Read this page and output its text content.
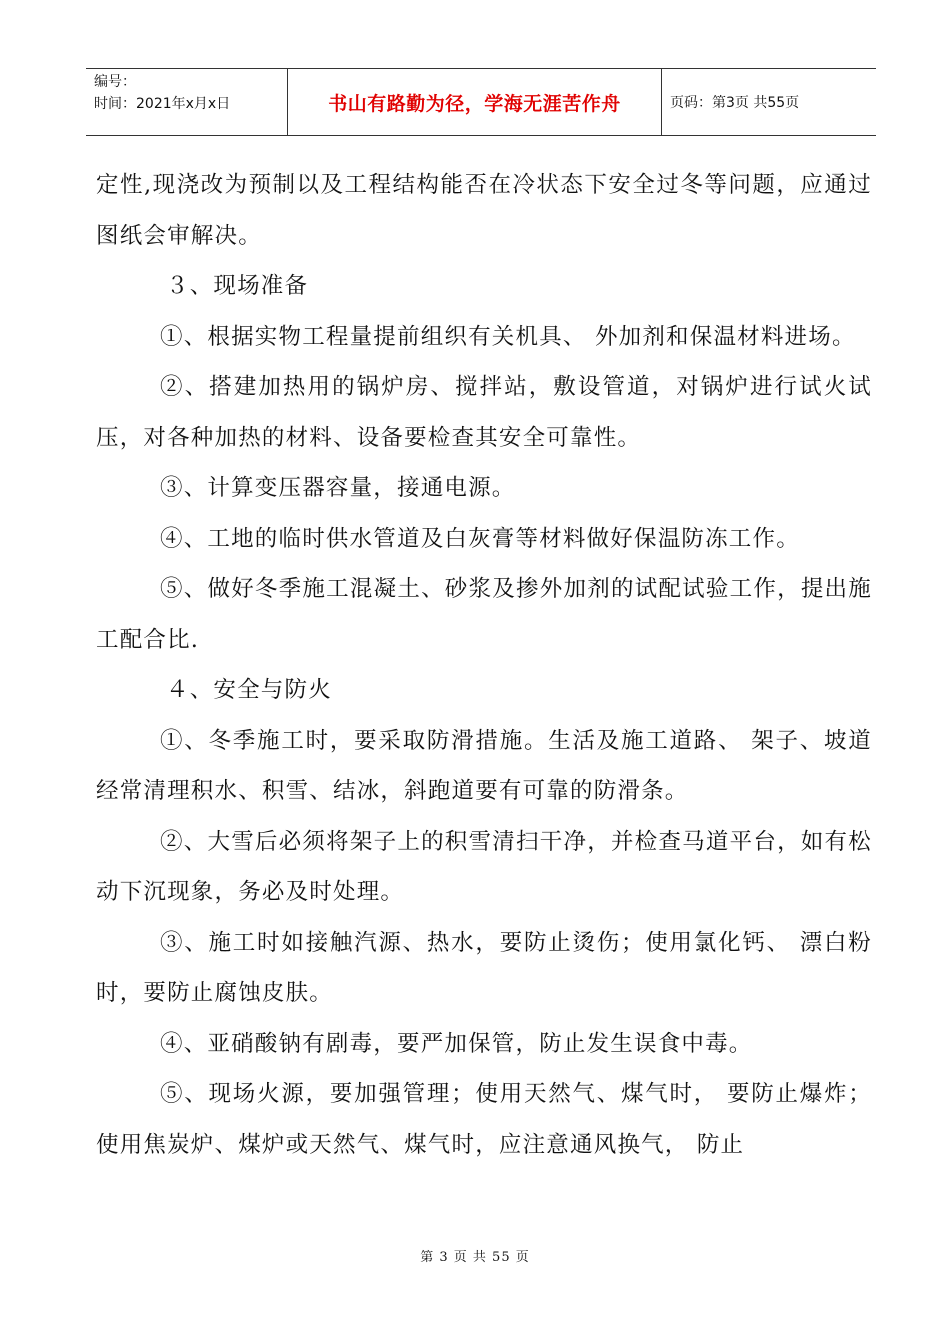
编号：
时间：2021年x月x日	书山有路勤为径，学海无涯苦作舟	页码：第3页 共55页

定性,现浇改为预制以及工程结构能否在冷状态下安全过冬等问题，应通过图纸会审解决。

３、现场准备

①、根据实物工程量提前组织有关机具、 外加剂和保温材料进场。

②、搭建加热用的锅炉房、搅拌站，敷设管道，对锅炉进行试火试压，对各种加热的材料、设备要检查其安全可靠性。

③、计算变压器容量，接通电源。

④、工地的临时供水管道及白灰膏等材料做好保温防冻工作。

⑤、做好冬季施工混凝土、砂浆及掺外加剂的试配试验工作，提出施工配合比.

４、安全与防火

①、冬季施工时，要采取防滑措施。生活及施工道路、 架子、坡道经常清理积水、积雪、结冰，斜跑道要有可靠的防滑条。

②、大雪后必须将架子上的积雪清扫干净，并检查马道平台，如有松动下沉现象，务必及时处理。

③、施工时如接触汽源、热水，要防止烫伤；使用氯化钙、 漂白粉时，要防止腐蚀皮肤。

④、亚硝酸钠有剧毒，要严加保管，防止发生误食中毒。

⑤、现场火源，要加强管理；使用天然气、煤气时， 要防止爆炸；使用焦炭炉、煤炉或天然气、煤气时，应注意通风换气， 防止

第 3 页 共 55 页
